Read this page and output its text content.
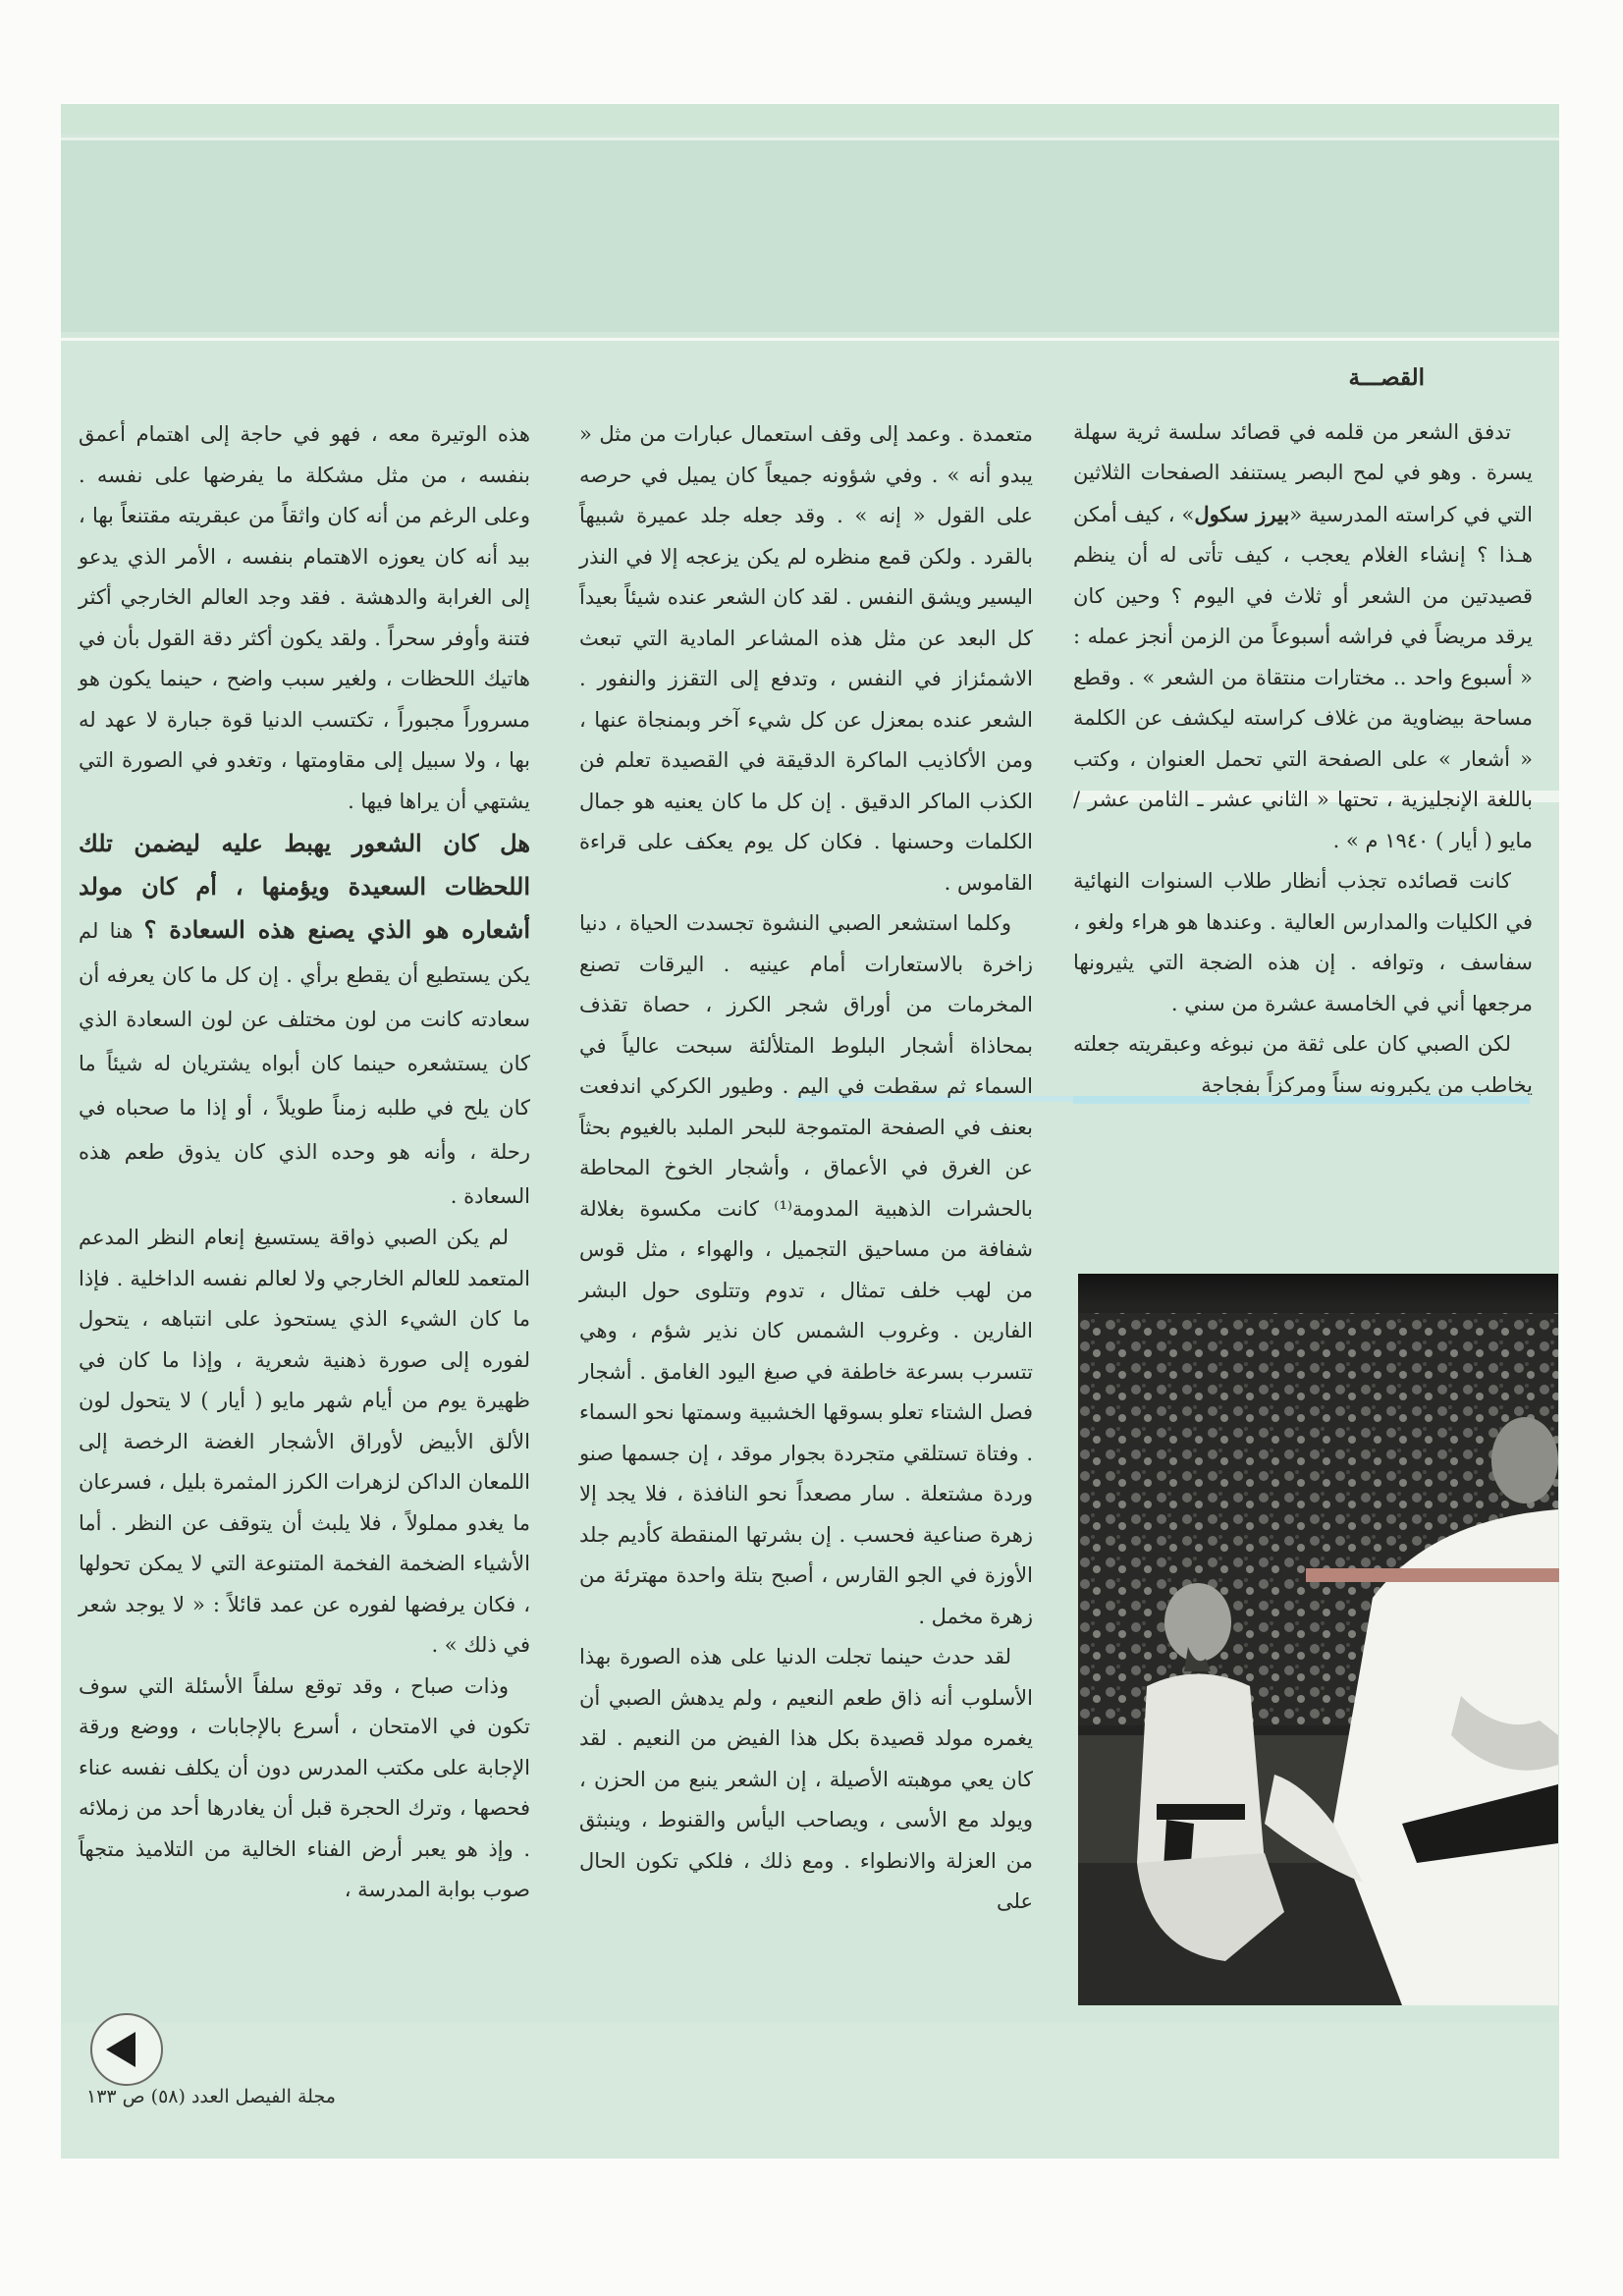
القصـــة

تدفق الشعر من قلمه في قصائد سلسة ثرية سهلة يسرة . وهو في لمح البصر يستنفد الصفحات الثلاثين التي في كراسته المدرسية «بيرز سكول» ، كيف أمكن هـذا ؟ إنشاء الغلام يعجب ، كيف تأتى له أن ينظم قصيدتين من الشعر أو ثلاث في اليوم ؟ وحين كان يرقد مريضاً في فراشه أسبوعاً من الزمن أنجز عمله : « أسبوع واحد .. مختارات منتقاة من الشعر » . وقطع مساحة بيضاوية من غلاف كراسته ليكشف عن الكلمة « أشعار » على الصفحة التي تحمل العنوان ، وكتب باللغة الإنجليزية ، تحتها « الثاني عشر ـ الثامن عشر / مايو ( أيار ) ١٩٤٠ م » .

كانت قصائده تجذب أنظار طلاب السنوات النهائية في الكليات والمدارس العالية . وعندها هو هراء ولغو ، سفاسف ، وتوافه . إن هذه الضجة التي يثيرونها مرجعها أني في الخامسة عشرة من سني .

لكن الصبي كان على ثقة من نبوغه وعبقريته جعلته يخاطب من يكبرونه سناً ومركزاً بفجاجة

متعمدة . وعمد إلى وقف استعمال عبارات من مثل « يبدو أنه » . وفي شؤونه جميعاً كان يميل في حرصه على القول « إنه » . وقد جعله جلد عميرة شبيهاً بالقرد . ولكن قمع منظره لم يكن يزعجه إلا في النذر اليسير ويشق النفس . لقد كان الشعر عنده شيئاً بعيداً كل البعد عن مثل هذه المشاعر المادية التي تبعث الاشمئزاز في النفس ، وتدفع إلى التقزز والنفور . الشعر عنده بمعزل عن كل شيء آخر وبمنجاة عنها ، ومن الأكاذيب الماكرة الدقيقة في القصيدة تعلم فن الكذب الماكر الدقيق . إن كل ما كان يعنيه هو جمال الكلمات وحسنها . فكان كل يوم يعكف على قراءة القاموس .

وكلما استشعر الصبي النشوة تجسدت الحياة ، دنيا زاخرة بالاستعارات أمام عينيه . اليرقات تصنع المخرمات من أوراق شجر الكرز ، حصاة تقذف بمحاذاة أشجار البلوط المتلألئة سبحت عالياً في السماء ثم سقطت في اليم . وطيور الكركي اندفعت بعنف في الصفحة المتموجة للبحر الملبد بالغيوم بحثاً عن الغرق في الأعماق ، وأشجار الخوخ المحاطة بالحشرات الذهبية المدومة⁽¹⁾ كانت مكسوة بغلالة شفافة من مساحيق التجميل ، والهواء ، مثل قوس من لهب خلف تمثال ، تدوم وتتلوى حول البشر الفارين . وغروب الشمس كان نذير شؤم ، وهي تتسرب بسرعة خاطفة في صبغ اليود الغامق . أشجار فصل الشتاء تعلو بسوقها الخشبية وسمتها نحو السماء . وفتاة تستلقي متجردة بجوار موقد ، إن جسمها صنو وردة مشتعلة . سار مصعداً نحو النافذة ، فلا يجد إلا زهرة صناعية فحسب . إن بشرتها المنقطة كأديم جلد الأوزة في الجو القارس ، أصبح بتلة واحدة مهترئة من زهرة مخمل .

لقد حدث حينما تجلت الدنيا على هذه الصورة بهذا الأسلوب أنه ذاق طعم النعيم ، ولم يدهش الصبي أن يغمره مولد قصيدة بكل هذا الفيض من النعيم . لقد كان يعي موهبته الأصيلة ، إن الشعر ينبع من الحزن ، ويولد مع الأسى ، ويصاحب اليأس والقنوط ، وينبثق من العزلة والانطواء . ومع ذلك ، فلكي تكون الحال على

هذه الوتيرة معه ، فهو في حاجة إلى اهتمام أعمق بنفسه ، من مثل مشكلة ما يفرضها على نفسه . وعلى الرغم من أنه كان واثقاً من عبقريته مقتنعاً بها ، بيد أنه كان يعوزه الاهتمام بنفسه ، الأمر الذي يدعو إلى الغرابة والدهشة . فقد وجد العالم الخارجي أكثر فتنة وأوفر سحراً . ولقد يكون أكثر دقة القول بأن في هاتيك اللحظات ، ولغير سبب واضح ، حينما يكون هو مسروراً مجبوراً ، تكتسب الدنيا قوة جبارة لا عهد له بها ، ولا سبيل إلى مقاومتها ، وتغدو في الصورة التي يشتهي أن يراها فيها .

هل كان الشعور يهبط عليه ليضمن تلك اللحظات السعيدة ويؤمنها ، أم كان مولد أشعاره هو الذي يصنع هذه السعادة ؟ هنا لم يكن يستطيع أن يقطع برأي . إن كل ما كان يعرفه أن سعادته كانت من لون مختلف عن لون السعادة الذي كان يستشعره حينما كان أبواه يشتريان له شيئاً ما كان يلح في طلبه زمناً طويلاً ، أو إذا ما صحباه في رحلة ، وأنه هو وحده الذي كان يذوق طعم هذه السعادة .

لم يكن الصبي ذواقة يستسيغ إنعام النظر المدعم المتعمد للعالم الخارجي ولا لعالم نفسه الداخلية . فإذا ما كان الشيء الذي يستحوذ على انتباهه ، يتحول لفوره إلى صورة ذهنية شعرية ، وإذا ما كان في ظهيرة يوم من أيام شهر مايو ( أيار ) لا يتحول لون الألق الأبيض لأوراق الأشجار الغضة الرخصة إلى اللمعان الداكن لزهرات الكرز المثمرة بليل ، فسرعان ما يغدو مملولاً ، فلا يلبث أن يتوقف عن النظر . أما الأشياء الضخمة الفخمة المتنوعة التي لا يمكن تحولها ، فكان يرفضها لفوره عن عمد قائلاً : « لا يوجد شعر في ذلك » .

وذات صباح ، وقد توقع سلفاً الأسئلة التي سوف تكون في الامتحان ، أسرع بالإجابات ، ووضع ورقة الإجابة على مكتب المدرس دون أن يكلف نفسه عناء فحصها ، وترك الحجرة قبل أن يغادرها أحد من زملائه . وإذ هو يعبر أرض الفناء الخالية من التلاميذ متجهاً صوب بوابة المدرسة ،

مجلة الفيصل العدد (٥٨) ص ١٣٣
